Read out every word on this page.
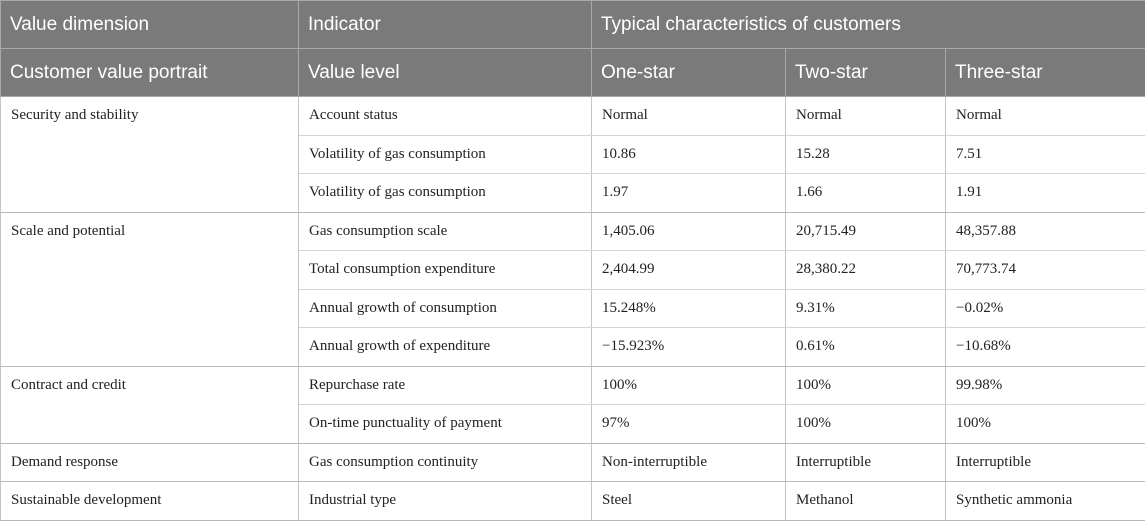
Value dimension	Indicator	Typical characteristics of customers		
Customer value portrait	Value level	One-star	Two-star	Three-star
Security and stability	Account status	Normal	Normal	Normal
	Volatility of gas consumption	10.86	15.28	7.51
	Volatility of gas consumption	1.97	1.66	1.91
Scale and potential	Gas consumption scale	1,405.06	20,715.49	48,357.88
	Total consumption expenditure	2,404.99	28,380.22	70,773.74
	Annual growth of consumption	15.248%	9.31%	−0.02%
	Annual growth of expenditure	−15.923%	0.61%	−10.68%
Contract and credit	Repurchase rate	100%	100%	99.98%
	On-time punctuality of payment	97%	100%	100%
Demand response	Gas consumption continuity	Non-interruptible	Interruptible	Interruptible
Sustainable development	Industrial type	Steel	Methanol	Synthetic ammonia
